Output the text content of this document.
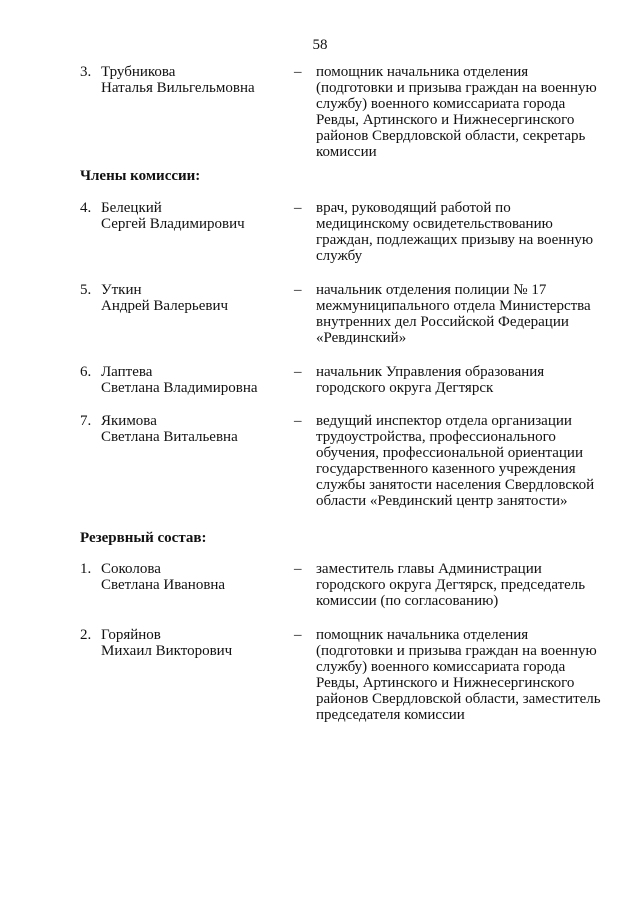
58
3. Трубникова
Наталья Вильгельмовна
– помощник начальника отделения
(подготовки и призыва граждан на военную
службу) военного комиссариата города
Ревды, Артинского и Нижнесергинского
районов Свердловской области, секретарь
комиссии
Члены комиссии:
4. Белецкий
Сергей Владимирович
– врач, руководящий работой по
медицинскому освидетельствованию
граждан, подлежащих призыву на военную
службу
5. Уткин
Андрей Валерьевич
– начальник отделения полиции № 17
межмуниципального отдела Министерства
внутренних дел Российской Федерации
«Ревдинский»
6. Лаптева
Светлана Владимировна
– начальник Управления образования
городского округа Дегтярск
7. Якимова
Светлана Витальевна
– ведущий инспектор отдела организации
трудоустройства, профессионального
обучения, профессиональной ориентации
государственного казенного учреждения
службы занятости населения Свердловской
области «Ревдинский центр занятости»
Резервный состав:
1. Соколова
Светлана Ивановна
– заместитель главы Администрации
городского округа Дегтярск, председатель
комиссии (по согласованию)
2. Горяйнов
Михаил Викторович
– помощник начальника отделения
(подготовки и призыва граждан на военную
службу) военного комиссариата города
Ревды, Артинского и Нижнесергинского
районов Свердловской области, заместитель
председателя комиссии
